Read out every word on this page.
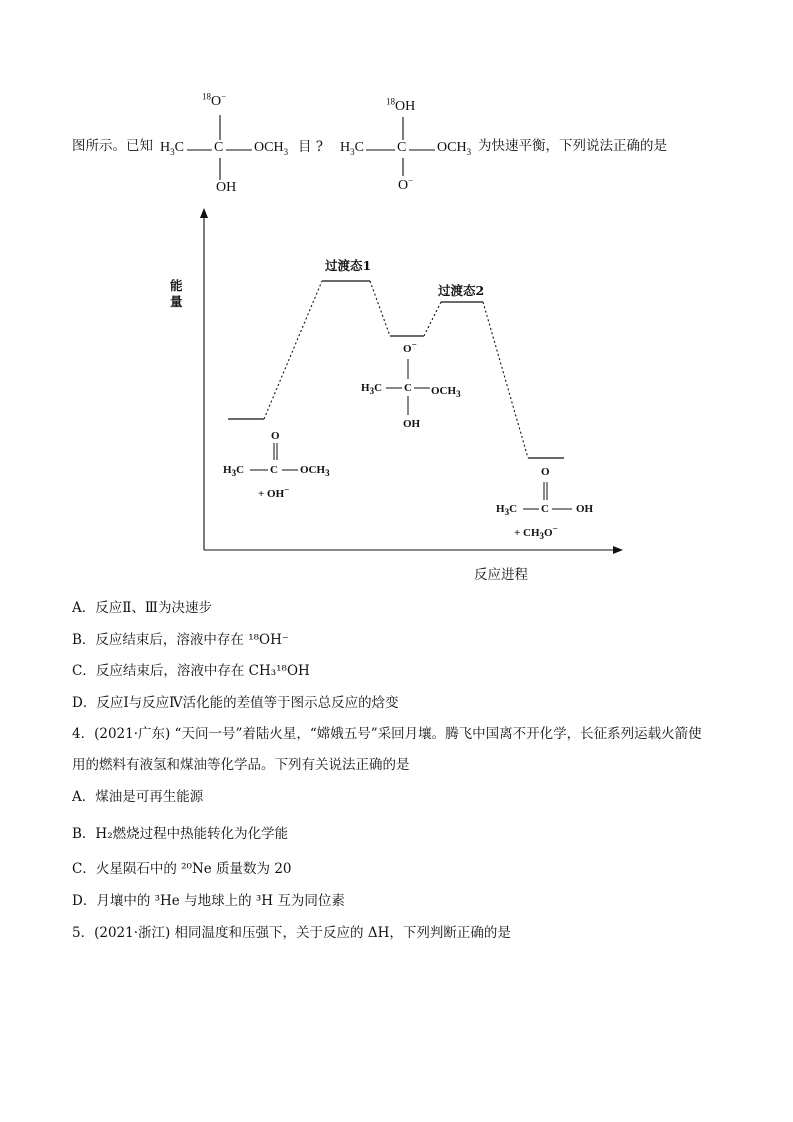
图所示。已知
$^{18}$O−
$H_3C$ C $OCH_3$
OH
目 ?
$^{18}$OH
$H_3C$ C $OCH_3$
O−
为快速平衡，下列说法正确的是
能量
过渡态1
过渡态2
反应进程
O
$H_3C$ C $OCH_3$
+ OH−
O−
$H_3C$ C $OCH_3$
OH
O
$H_3C$ C OH
+ $CH_3O^-$
A．反应Ⅱ、Ⅲ为决速步
B．反应结束后，溶液中存在 ¹⁸OH⁻
C．反应结束后，溶液中存在 CH₃¹⁸OH
D．反应Ⅰ与反应Ⅳ活化能的差值等于图示总反应的焓变
4．(2021·广东) “天问一号”着陆火星，“嫦娥五号”采回月壤。腾飞中国离不开化学，长征系列运载火箭使
用的燃料有液氢和煤油等化学品。下列有关说法正确的是
A．煤油是可再生能源
B．H₂燃烧过程中热能转化为化学能
C．火星陨石中的 ²⁰Ne 质量数为 20
D．月壤中的 ³He 与地球上的 ³H 互为同位素
5．(2021·浙江) 相同温度和压强下，关于反应的 ΔH，下列判断正确的是
